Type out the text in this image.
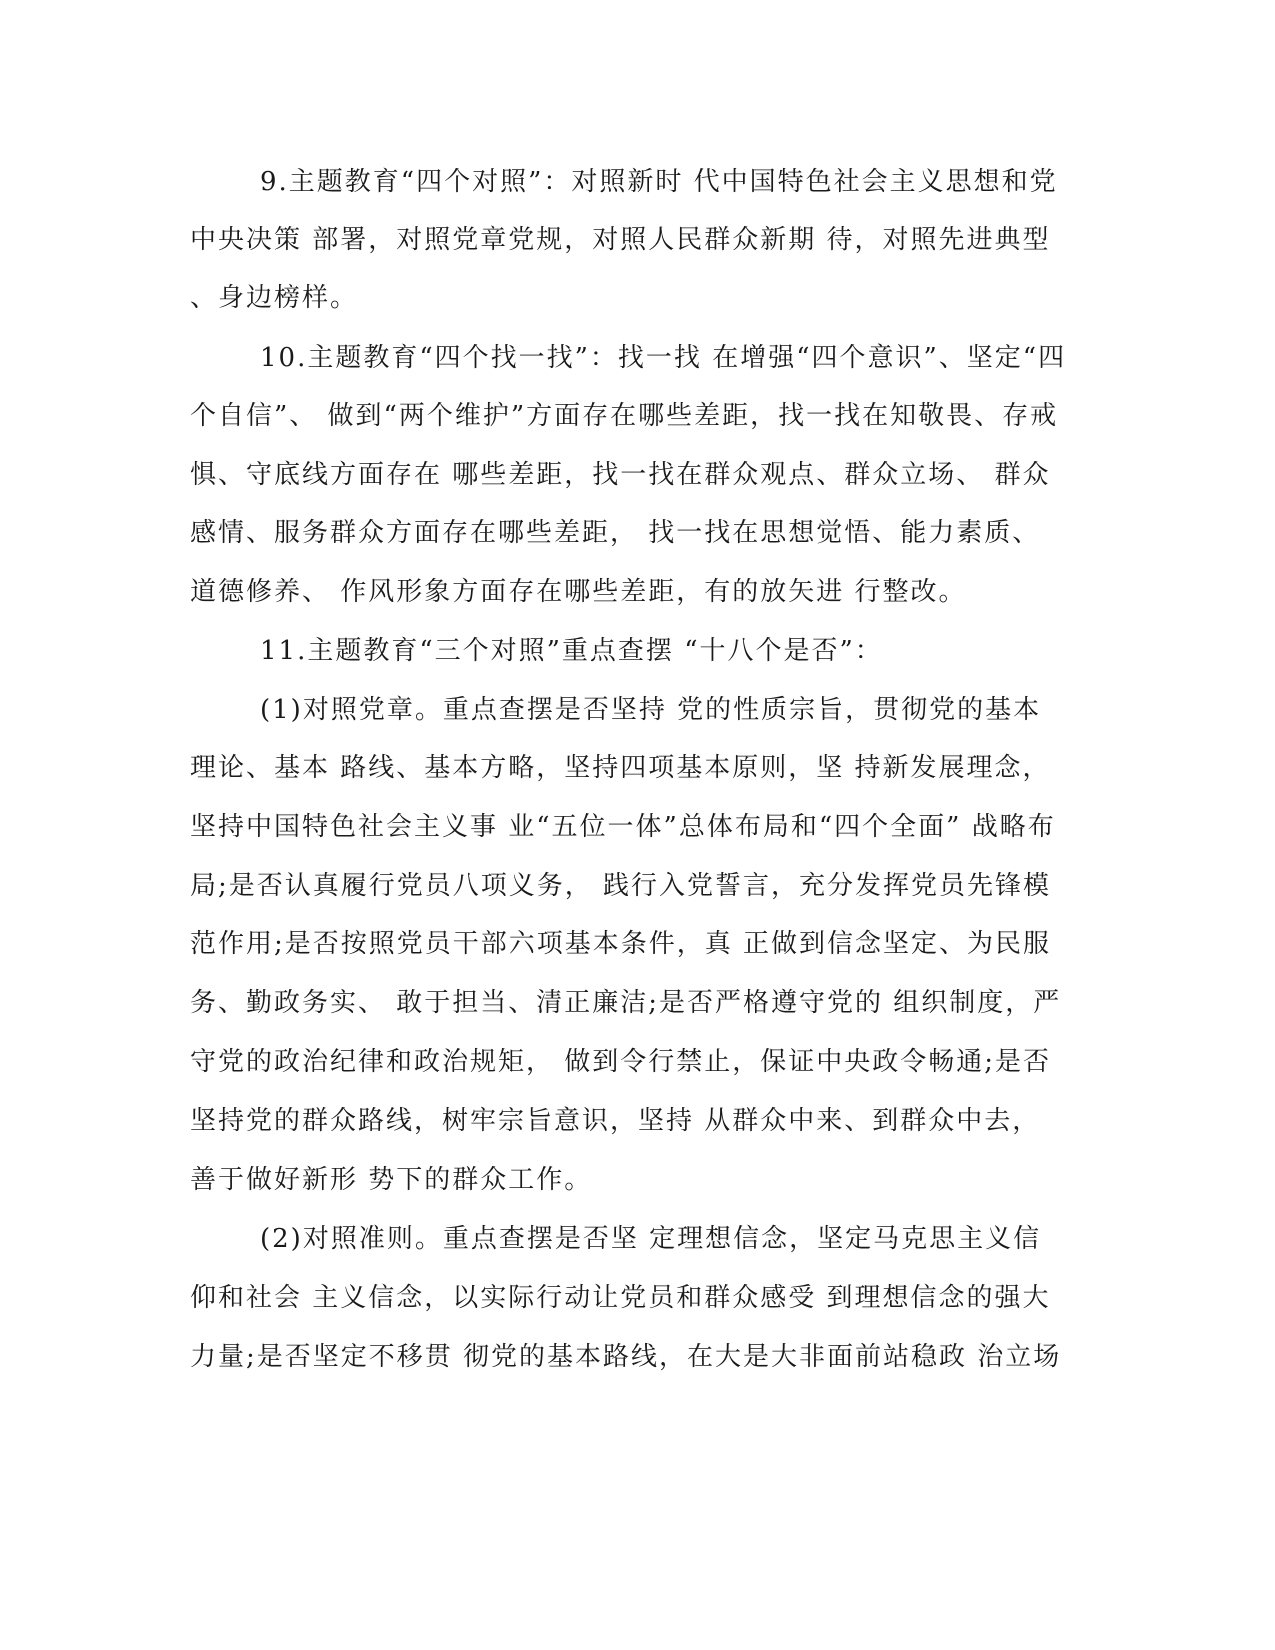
9.主题教育“四个对照”：对照新时 代中国特色社会主义思想和党
中央决策 部署，对照党章党规，对照人民群众新期 待，对照先进典型
、身边榜样。
10.主题教育“四个找一找”：找一找 在增强“四个意识”、坚定“四
个自信”、 做到“两个维护”方面存在哪些差距，找一找在知敬畏、存戒
惧、守底线方面存在 哪些差距，找一找在群众观点、群众立场、 群众
感情、服务群众方面存在哪些差距， 找一找在思想觉悟、能力素质、
道德修养、 作风形象方面存在哪些差距，有的放矢进 行整改。
11.主题教育“三个对照”重点查摆 “十八个是否”：
(1)对照党章。重点查摆是否坚持 党的性质宗旨，贯彻党的基本
理论、基本 路线、基本方略，坚持四项基本原则，坚 持新发展理念，
坚持中国特色社会主义事 业“五位一体”总体布局和“四个全面” 战略布
局;是否认真履行党员八项义务， 践行入党誓言，充分发挥党员先锋模
范作用;是否按照党员干部六项基本条件，真 正做到信念坚定、为民服
务、勤政务实、 敢于担当、清正廉洁;是否严格遵守党的 组织制度，严
守党的政治纪律和政治规矩， 做到令行禁止，保证中央政令畅通;是否
坚持党的群众路线，树牢宗旨意识，坚持 从群众中来、到群众中去，
善于做好新形 势下的群众工作。
(2)对照准则。重点查摆是否坚 定理想信念，坚定马克思主义信
仰和社会 主义信念，以实际行动让党员和群众感受 到理想信念的强大
力量;是否坚定不移贯 彻党的基本路线，在大是大非面前站稳政 治立场
